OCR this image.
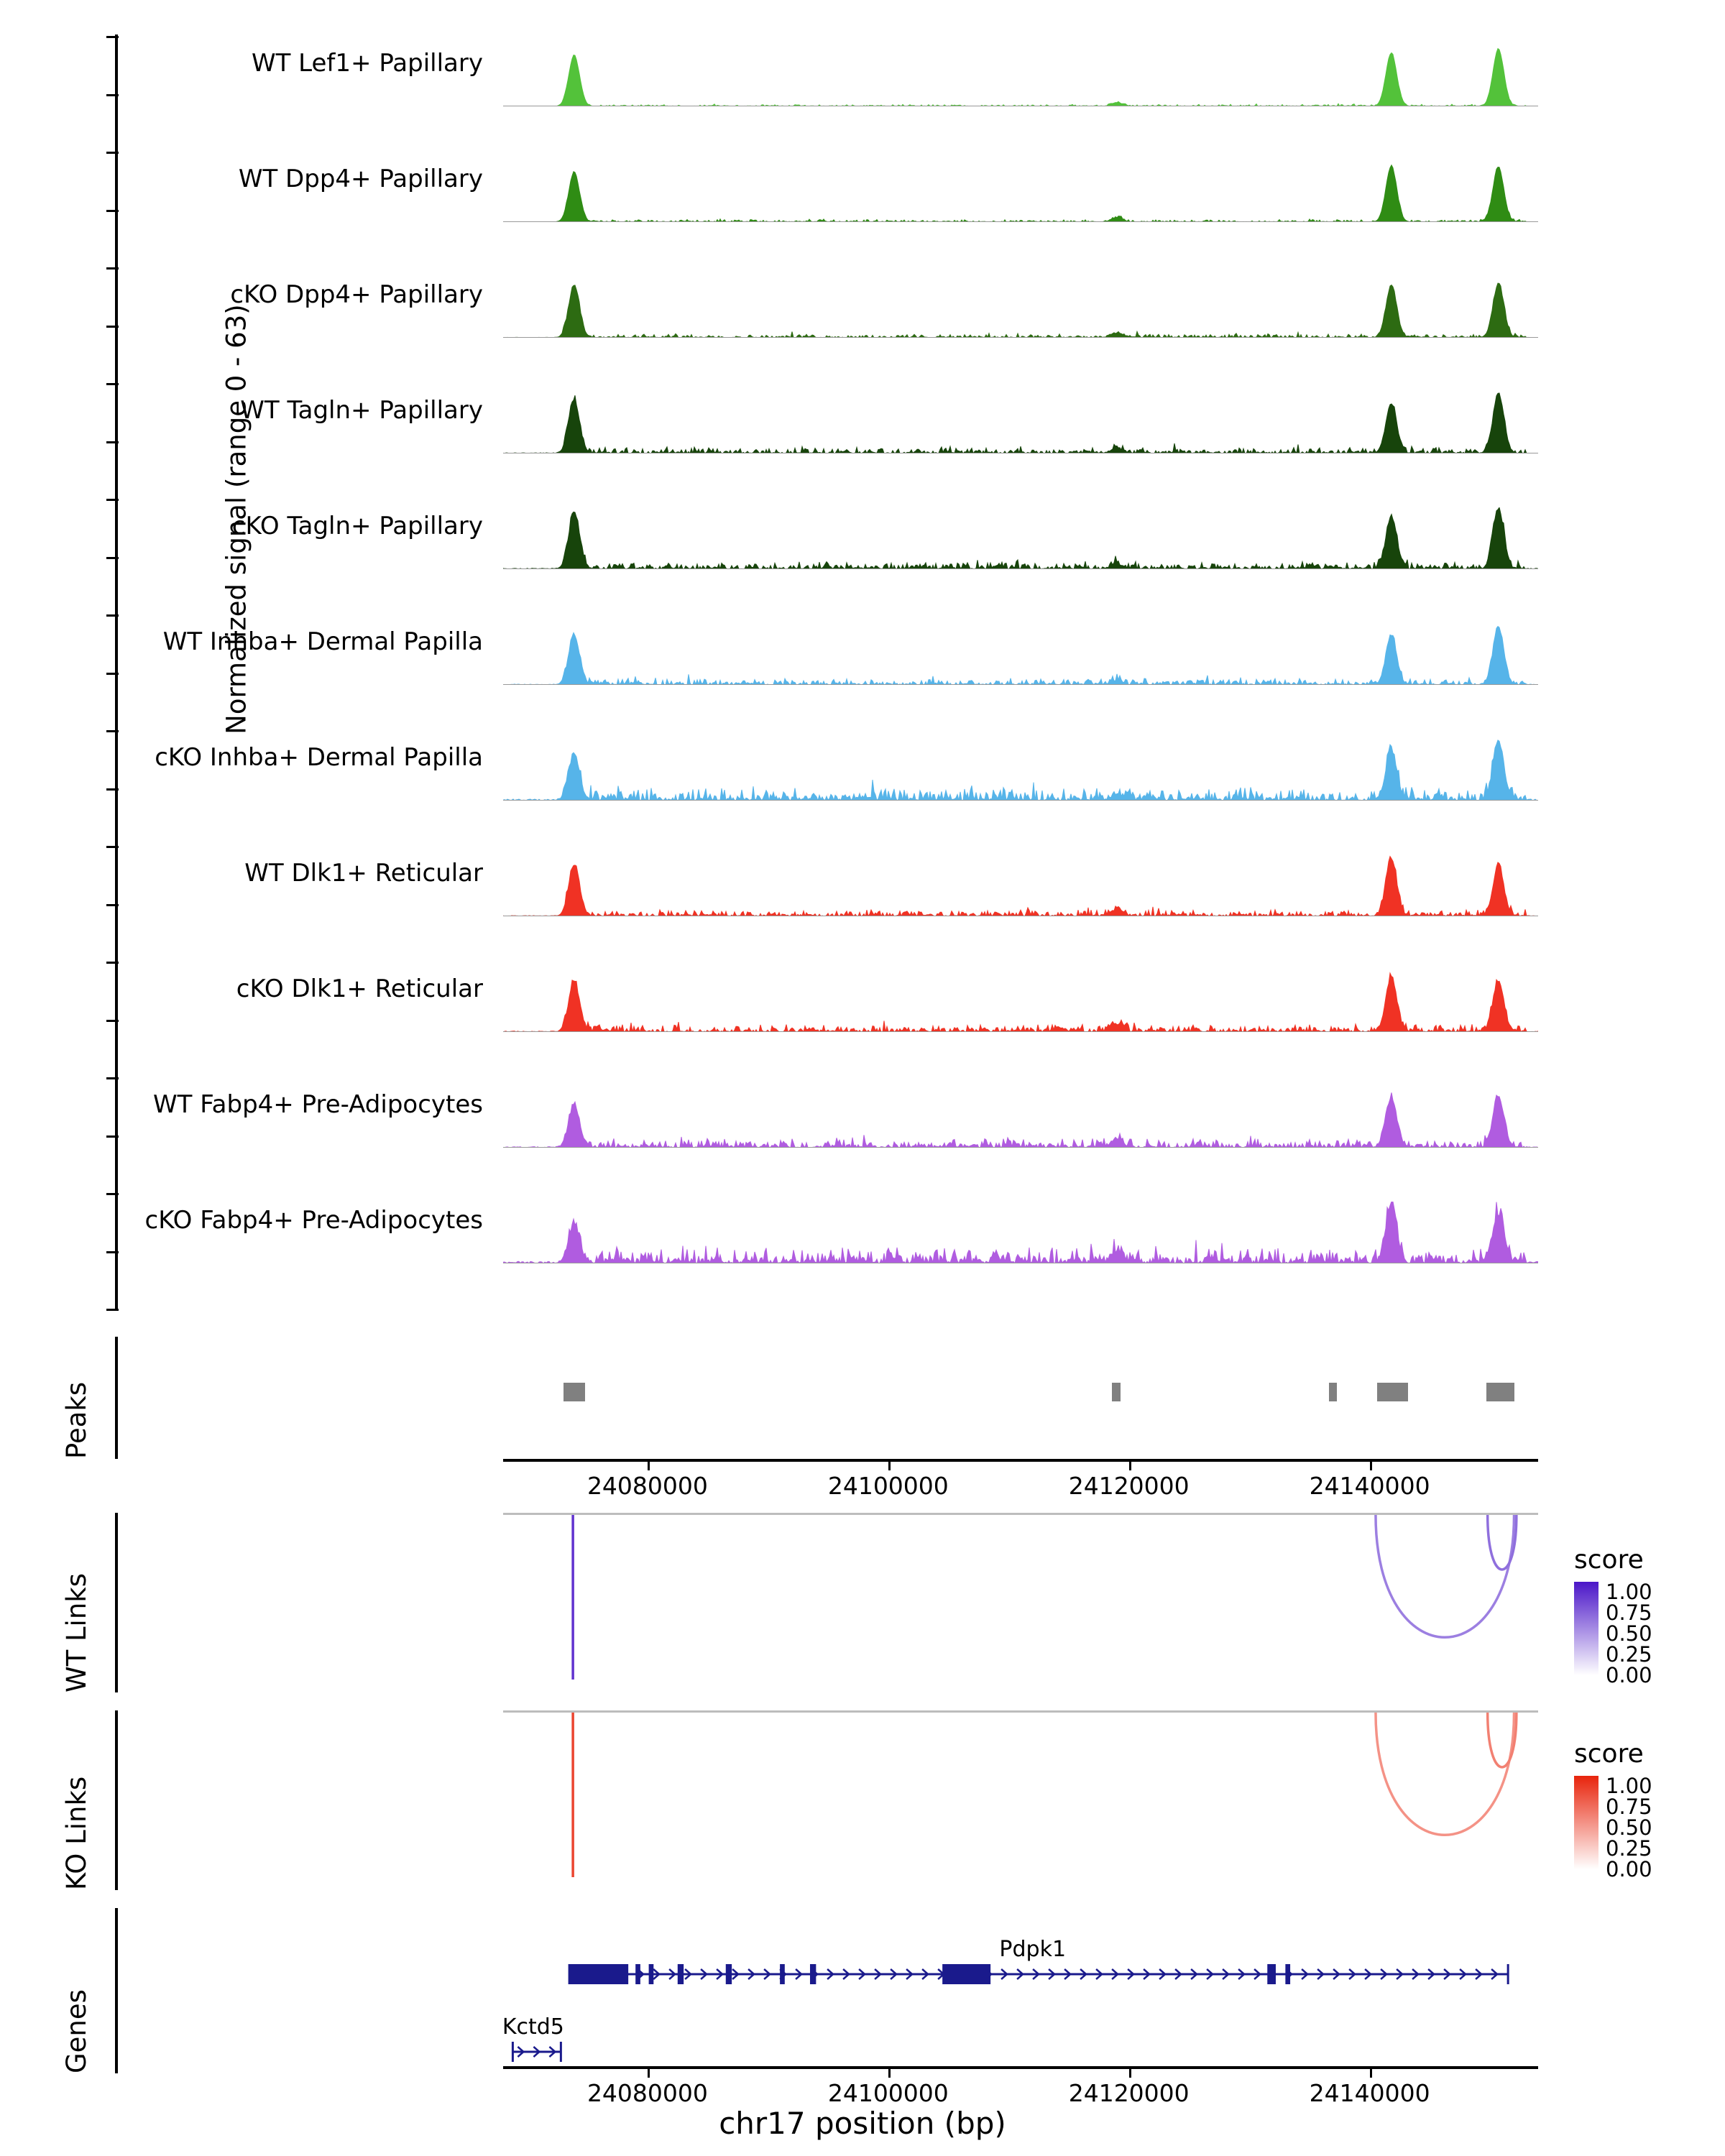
Normalized signal (range 0 - 63)
WT Lef1+ Papillary
WT Dpp4+ Papillary
cKO Dpp4+ Papillary
WT Tagln+ Papillary
cKO Tagln+ Papillary
WT Inhba+ Dermal Papilla
cKO Inhba+ Dermal Papilla
WT Dlk1+ Reticular
cKO Dlk1+ Reticular
WT Fabp4+ Pre-Adipocytes
cKO Fabp4+ Pre-Adipocytes
Peaks
24080000	24100000	24120000	24140000
WT Links
score
1.00
0.75
0.50
0.25
0.00
KO Links
score
1.00
0.75
0.50
0.25
0.00
Genes
Pdpk1
Kctd5
24080000	24100000	24120000	24140000
chr17 position (bp)
